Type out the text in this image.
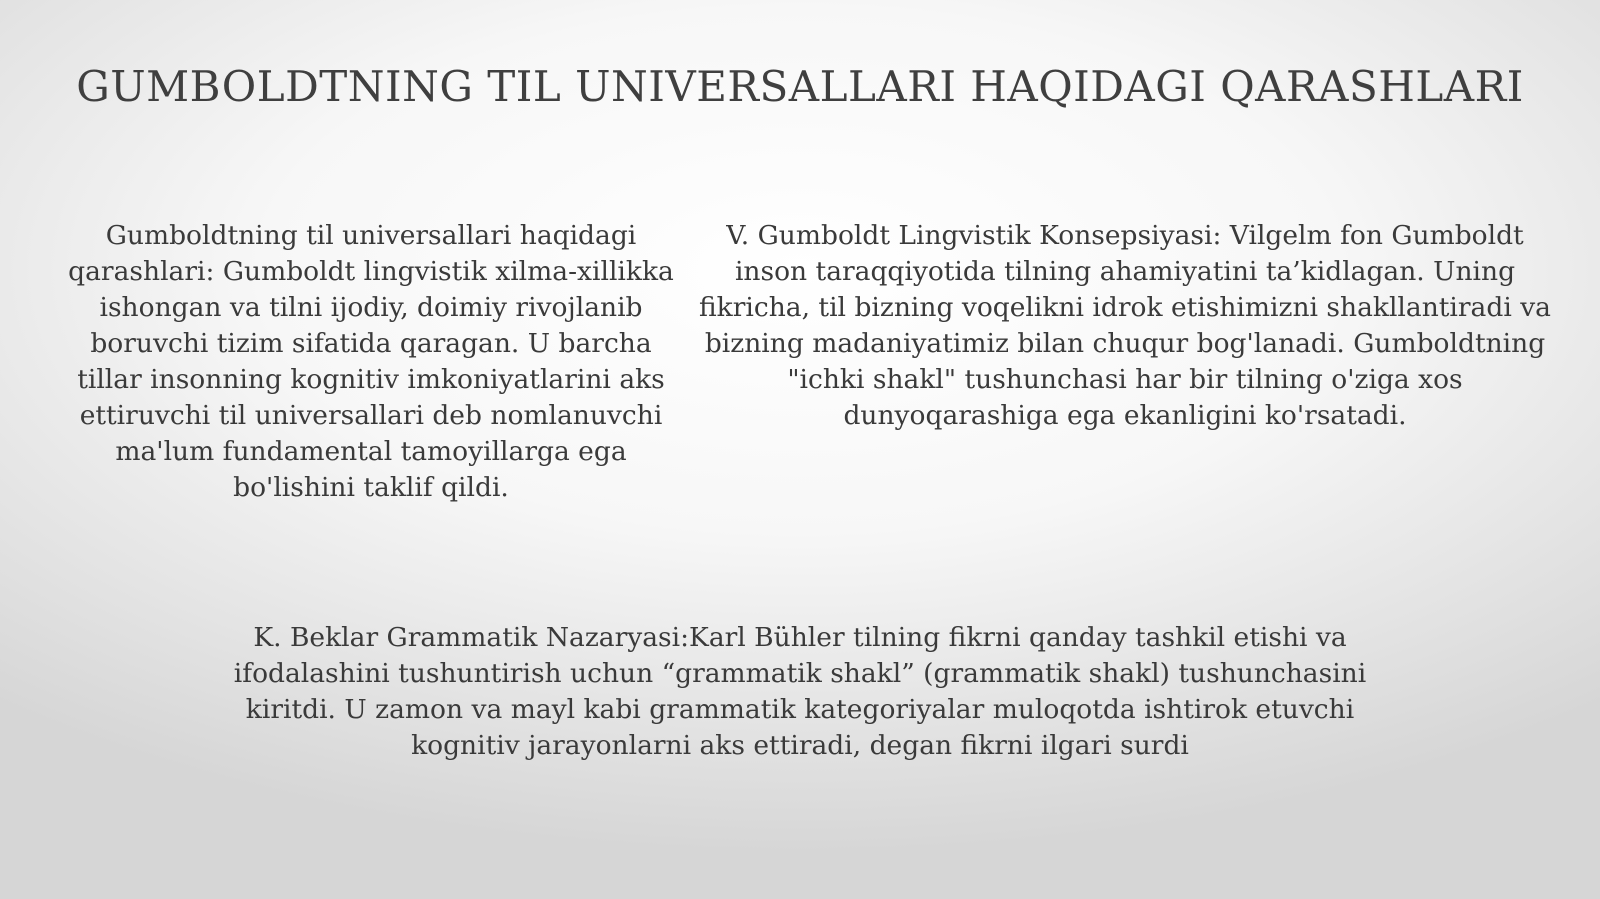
GUMBOLDTNING TIL UNIVERSALLARI HAQIDAGI QARASHLARI
Gumboldtning til universallari haqidagi qarashlari: Gumboldt lingvistik xilma-xillikka ishongan va tilni ijodiy, doimiy rivojlanib boruvchi tizim sifatida qaragan. U barcha tillar insonning kognitiv imkoniyatlarini aks ettiruvchi til universallari deb nomlanuvchi ma'lum fundamental tamoyillarga ega bo'lishini taklif qildi.
V. Gumboldt Lingvistik Konsepsiyasi: Vilgelm fon Gumboldt inson taraqqiyotida tilning ahamiyatini ta’kidlagan. Uning fikricha, til bizning voqelikni idrok etishimizni shakllantiradi va bizning madaniyatimiz bilan chuqur bog'lanadi. Gumboldtning "ichki shakl" tushunchasi har bir tilning o'ziga xos dunyoqarashiga ega ekanligini ko'rsatadi.
K. Beklar Grammatik Nazaryasi:Karl Bühler tilning fikrni qanday tashkil etishi va ifodalashini tushuntirish uchun “grammatik shakl” (grammatik shakl) tushunchasini kiritdi. U zamon va mayl kabi grammatik kategoriyalar muloqotda ishtirok etuvchi kognitiv jarayonlarni aks ettiradi, degan fikrni ilgari surdi
